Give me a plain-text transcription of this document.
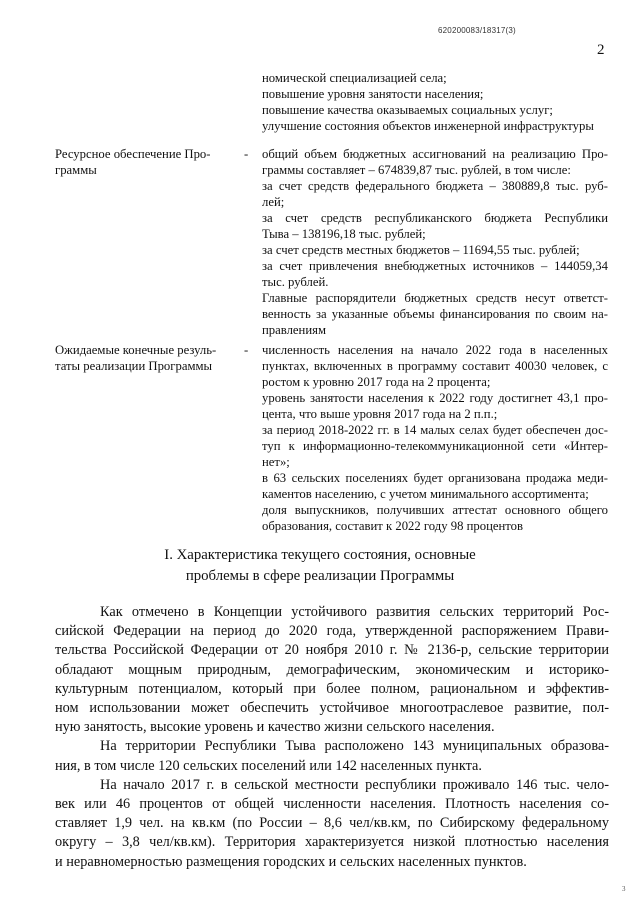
620200083/18317(3)
2
номической специализацией села;
повышение уровня занятости населения;
повышение качества оказываемых социальных услуг;
улучшение состояния объектов инженерной инфраструктуры
Ресурсное обеспечение Про-
граммы
- общий объем бюджетных ассигнований на реализацию Про-
граммы составляет – 674839,87 тыс. рублей, в том числе:
за счет средств федерального бюджета – 380889,8 тыс. руб-
лей;
за счет средств республиканского бюджета Республики
Тыва – 138196,18 тыс. рублей;
за счет средств местных бюджетов – 11694,55 тыс. рублей;
за счет привлечения внебюджетных источников – 144059,34
тыс. рублей.
Главные распорядители бюджетных средств несут ответст-
венность за указанные объемы финансирования по своим на-
правлениям
Ожидаемые конечные резуль-
таты реализации Программы
- численность населения на начало 2022 года в населенных
пунктах, включенных в программу составит 40030 человек, с
ростом к уровню 2017 года на 2 процента;
уровень занятости населения к 2022 году достигнет 43,1 про-
цента, что выше уровня 2017 года на 2 п.п.;
за период 2018-2022 гг. в 14 малых селах будет обеспечен дос-
туп к информационно-телекоммуникационной сети «Интер-
нет»;
в 63 сельских поселениях будет организована продажа меди-
каментов населению, с учетом минимального ассортимента;
доля выпускников, получивших аттестат основного общего
образования, составит к 2022 году 98 процентов
I. Характеристика текущего состояния, основные
проблемы в сфере реализации Программы
Как отмечено в Концепции устойчивого развития сельских территорий Рос-
сийской Федерации на период до 2020 года, утвержденной распоряжением Прави-
тельства Российской Федерации от 20 ноября 2010 г. № 2136-р, сельские территории
обладают мощным природным, демографическим, экономическим и историко-
культурным потенциалом, который при более полном, рациональном и эффектив-
ном использовании может обеспечить устойчивое многоотраслевое развитие, пол-
ную занятость, высокие уровень и качество жизни сельского населения.
На территории Республики Тыва расположено 143 муниципальных образова-
ния, в том числе 120 сельских поселений или 142 населенных пункта.
На начало 2017 г. в сельской местности республики проживало 146 тыс. чело-
век или 46 процентов от общей численности населения. Плотность населения со-
ставляет 1,9 чел. на кв.км (по России – 8,6 чел/кв.км, по Сибирскому федеральному
округу – 3,8 чел/кв.км). Территория характеризуется низкой плотностью населения
и неравномерностью размещения городских и сельских населенных пунктов.
3
